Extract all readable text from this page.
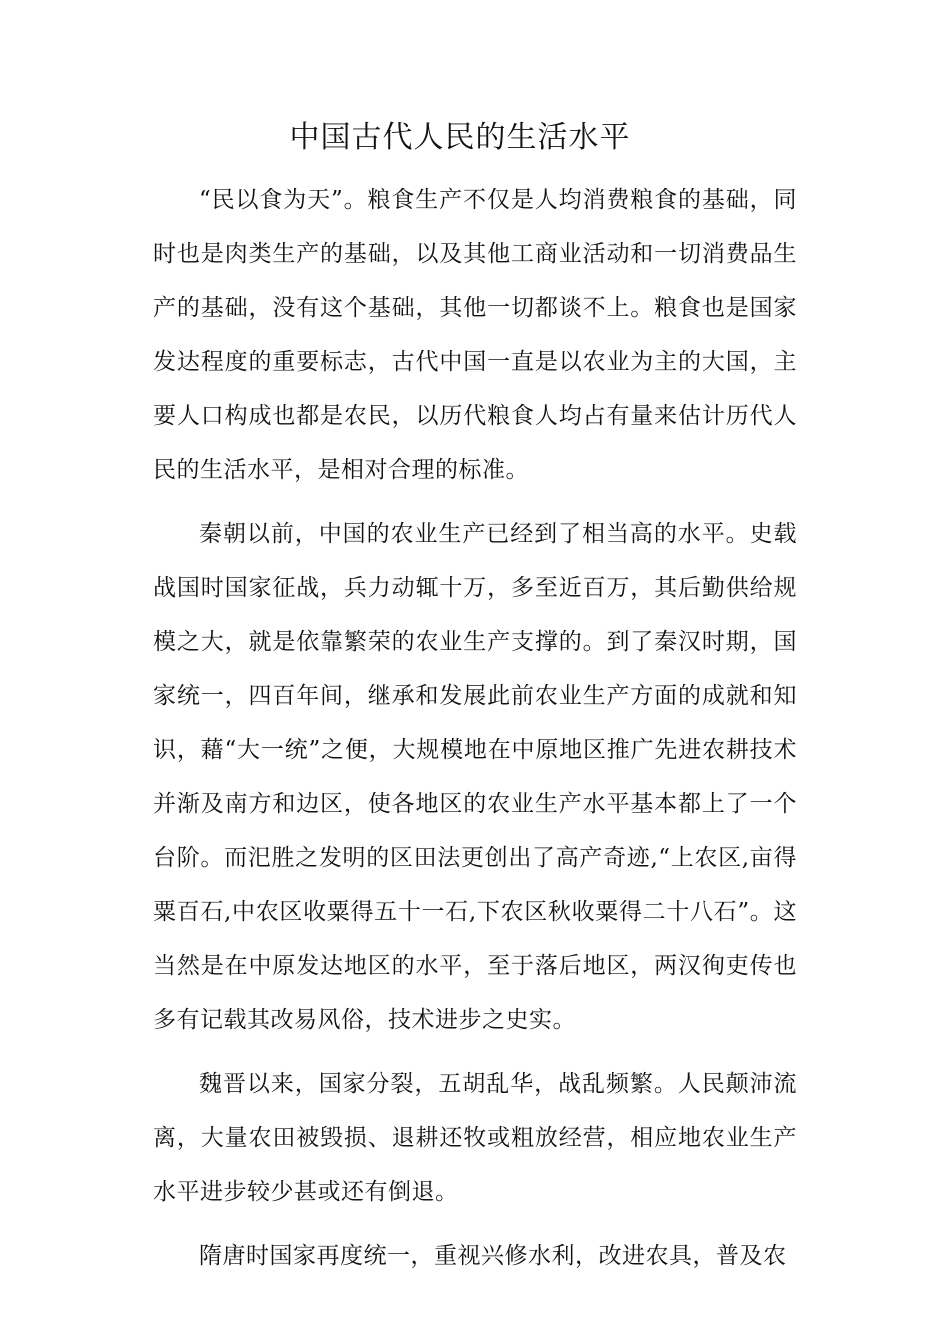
中国古代人民的生活水平

“民以食为天”。粮食生产不仅是人均消费粮食的基础，同时也是肉类生产的基础，以及其他工商业活动和一切消费品生产的基础，没有这个基础，其他一切都谈不上。粮食也是国家发达程度的重要标志，古代中国一直是以农业为主的大国，主要人口构成也都是农民，以历代粮食人均占有量来估计历代人民的生活水平，是相对合理的标准。

秦朝以前，中国的农业生产已经到了相当高的水平。史载战国时国家征战，兵力动辄十万，多至近百万，其后勤供给规模之大，就是依靠繁荣的农业生产支撑的。到了秦汉时期，国家统一，四百年间，继承和发展此前农业生产方面的成就和知识，藉“大一统”之便，大规模地在中原地区推广先进农耕技术并渐及南方和边区，使各地区的农业生产水平基本都上了一个台阶。而汜胜之发明的区田法更创出了高产奇迹,“上农区,亩得粟百石,中农区收粟得五十一石,下农区秋收粟得二十八石”。这当然是在中原发达地区的水平，至于落后地区，两汉徇吏传也多有记载其改易风俗，技术进步之史实。

魏晋以来，国家分裂，五胡乱华，战乱频繁。人民颠沛流离，大量农田被毁损、退耕还牧或粗放经营，相应地农业生产水平进步较少甚或还有倒退。

隋唐时国家再度统一，重视兴修水利，改进农具，普及农
